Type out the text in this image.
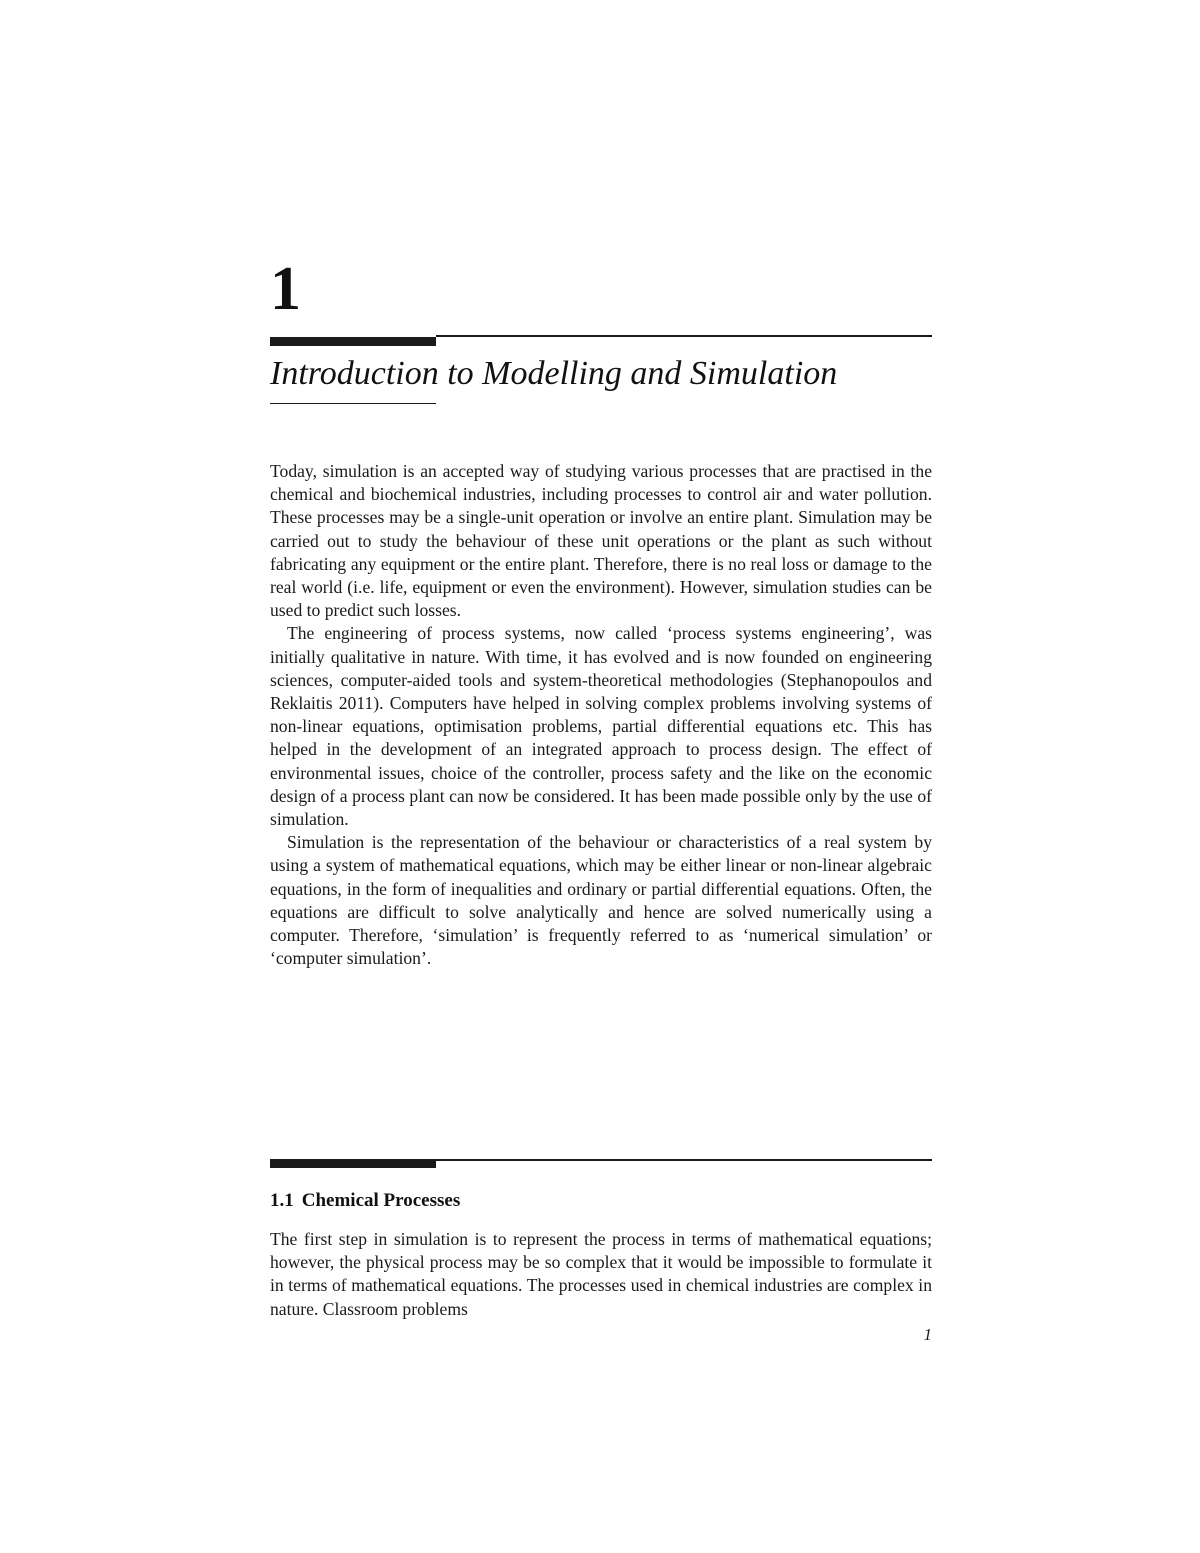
1
Introduction to Modelling and Simulation

Today, simulation is an accepted way of studying various processes that are practised in the chemical and biochemical industries, including processes to control air and water pollution. These processes may be a single-unit operation or involve an entire plant. Simulation may be carried out to study the behaviour of these unit operations or the plant as such without fabricating any equipment or the entire plant. Therefore, there is no real loss or damage to the real world (i.e. life, equipment or even the environment). However, simulation studies can be used to predict such losses.

The engineering of process systems, now called ‘process systems engineering’, was initially qualitative in nature. With time, it has evolved and is now founded on engineering sciences, computer-aided tools and system-theoretical methodologies (Stephanopoulos and Reklaitis 2011). Computers have helped in solving complex problems involving systems of non-linear equations, optimisation problems, partial differential equations etc. This has helped in the development of an integrated approach to process design. The effect of environmental issues, choice of the controller, process safety and the like on the economic design of a process plant can now be considered. It has been made possible only by the use of simulation.

Simulation is the representation of the behaviour or characteristics of a real system by using a system of mathematical equations, which may be either linear or non-linear algebraic equations, in the form of inequalities and ordinary or partial differential equations. Often, the equations are difficult to solve analytically and hence are solved numerically using a computer. Therefore, ‘simulation’ is frequently referred to as ‘numerical simulation’ or ‘computer simulation’.

1.1 Chemical Processes

The first step in simulation is to represent the process in terms of mathematical equations; however, the physical process may be so complex that it would be impossible to formulate it in terms of mathematical equations. The processes used in chemical industries are complex in nature. Classroom problems

1
